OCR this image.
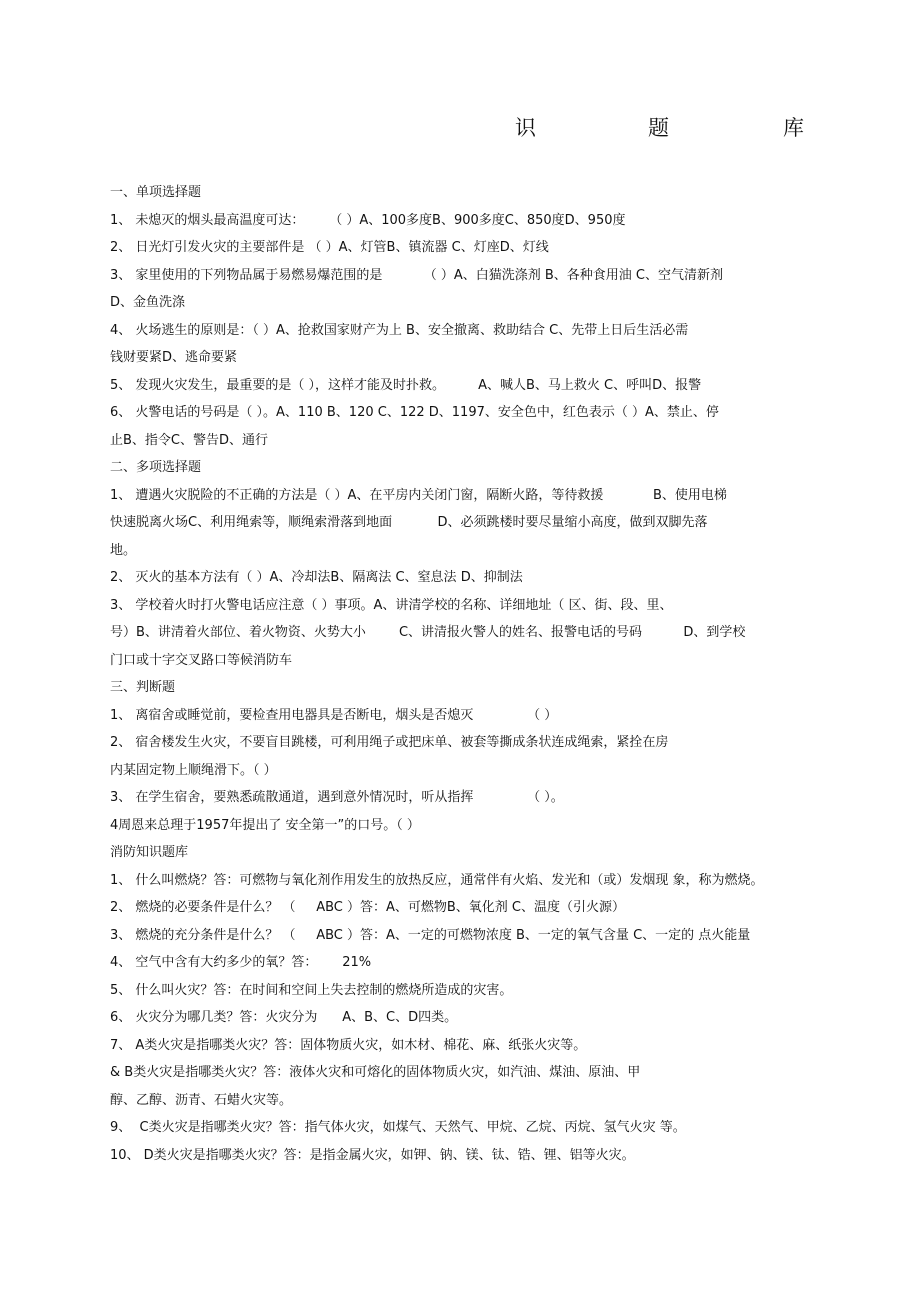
识	题	库
一、单项选择题
1、 未熄灭的烟头最高温度可达：      （ ）A、100多度B、900多度C、850度D、950度
2、 日光灯引发火灾的主要部件是 （ ）A、灯管B、镇流器 C、灯座D、灯线
3、 家里使用的下列物品属于易燃易爆范围的是          （ ）A、白猫洗涤剂 B、各种食用油 C、空气清新剂
D、金鱼洗涤
4、 火场逃生的原则是：（ ）A、抢救国家财产为上 B、安全撤离、救助结合 C、先带上日后生活必需
钱财要紧D、逃命要紧
5、 发现火灾发生，最重要的是（ ），这样才能及时扑救。        A、喊人B、马上救火 C、呼叫D、报警
6、 火警电话的号码是（ ）。A、110 B、120 C、122 D、1197、安全色中，红色表示（ ）A、禁止、停
止B、指令C、警告D、通行
二、多项选择题
1、 遭遇火灾脱险的不正确的方法是（ ）A、在平房内关闭门窗，隔断火路，等待救援            B、使用电梯
快速脱离火场C、利用绳索等，顺绳索滑落到地面           D、必须跳楼时要尽量缩小高度，做到双脚先落
地。
2、 灭火的基本方法有（ ）A、冷却法B、隔离法 C、窒息法 D、抑制法
3、 学校着火时打火警电话应注意（ ）事项。A、讲清学校的名称、详细地址（ 区、街、段、里、
号）B、讲清着火部位、着火物资、火势大小        C、讲清报火警人的姓名、报警电话的号码          D、到学校
门口或十字交叉路口等候消防车
三、判断题
1、 离宿舍或睡觉前，要检查用电器具是否断电，烟头是否熄灭             （ ）
2、 宿舍楼发生火灾，不要盲目跳楼，可利用绳子或把床单、被套等撕成条状连成绳索，紧拴在房
内某固定物上顺绳滑下。（ ）
3、 在学生宿舍，要熟悉疏散通道，遇到意外情况时，听从指挥             （ ）。
4周恩来总理于1957年提出了 安全第一”的口号。（ ）
消防知识题库
1、 什么叫燃烧？答：可燃物与氧化剂作用发生的放热反应，通常伴有火焰、发光和（或）发烟现 象，称为燃烧。
2、 燃烧的必要条件是什么？ （     ABC ）答：A、可燃物B、氧化剂 C、温度（引火源）
3、 燃烧的充分条件是什么？ （     ABC ）答：A、一定的可燃物浓度 B、一定的氧气含量 C、一定的 点火能量
4、 空气中含有大约多少的氧？答：      21%
5、 什么叫火灾？答：在时间和空间上失去控制的燃烧所造成的灾害。
6、 火灾分为哪几类？答：火灾分为      A、B、C、D四类。
7、 A类火灾是指哪类火灾？答：固体物质火灾，如木材、棉花、麻、纸张火灾等。
& B类火灾是指哪类火灾？答：液体火灾和可熔化的固体物质火灾，如汽油、煤油、原油、甲
醇、乙醇、沥青、石蜡火灾等。
9、  C类火灾是指哪类火灾？答：指气体火灾，如煤气、天然气、甲烷、乙烷、丙烷、氢气火灾 等。
10、 D类火灾是指哪类火灾？答：是指金属火灾，如钾、钠、镁、钛、锆、锂、铝等火灾。
